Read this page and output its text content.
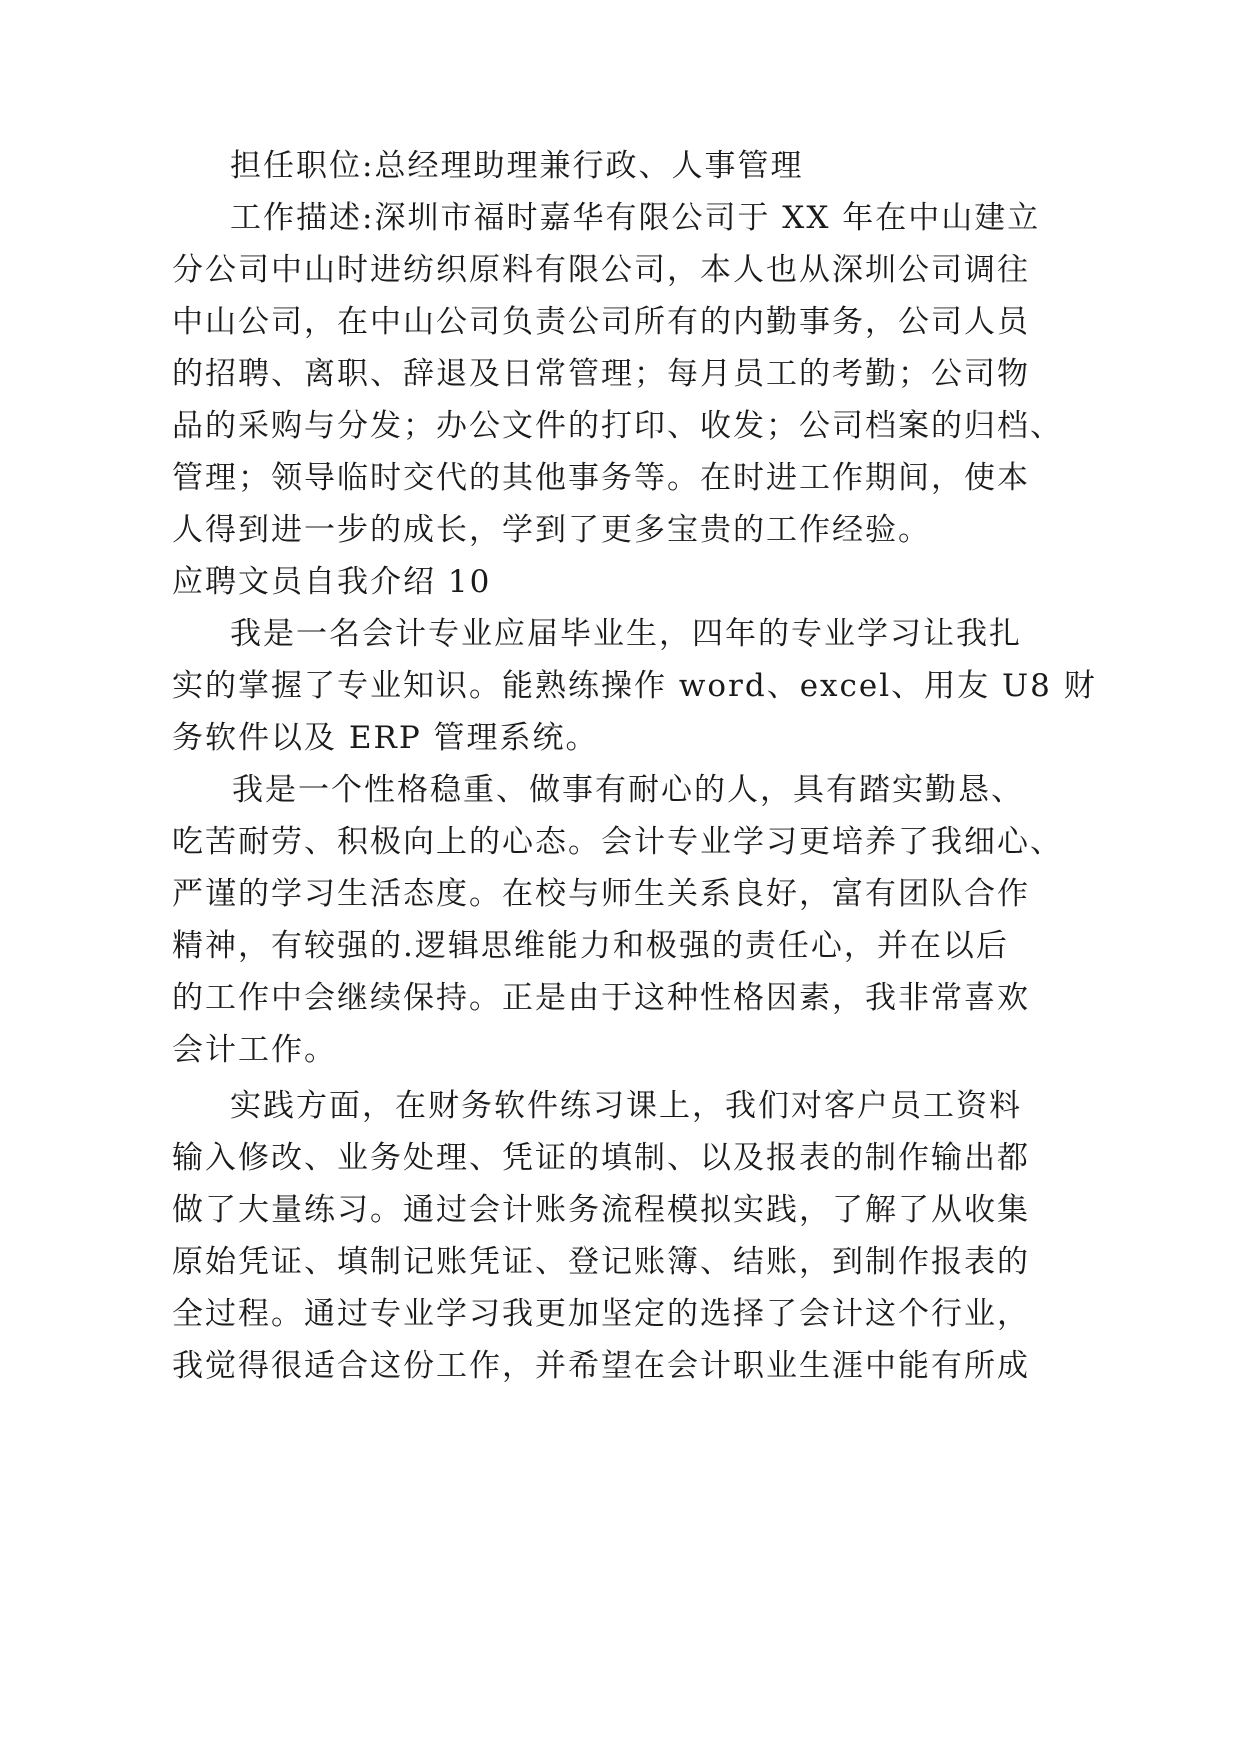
担任职位:总经理助理兼行政、人事管理
工作描述:深圳市福时嘉华有限公司于 XX 年在中山建立
分公司中山时进纺织原料有限公司，本人也从深圳公司调往
中山公司，在中山公司负责公司所有的内勤事务，公司人员
的招聘、离职、辞退及日常管理；每月员工的考勤；公司物
品的采购与分发；办公文件的打印、收发；公司档案的归档、
管理；领导临时交代的其他事务等。在时进工作期间，使本
人得到进一步的成长，学到了更多宝贵的工作经验。
应聘文员自我介绍 10
我是一名会计专业应届毕业生，四年的专业学习让我扎
实的掌握了专业知识。能熟练操作 word、excel、用友 U8 财
务软件以及 ERP 管理系统。
我是一个性格稳重、做事有耐心的人，具有踏实勤恳、
吃苦耐劳、积极向上的心态。会计专业学习更培养了我细心、
严谨的学习生活态度。在校与师生关系良好，富有团队合作
精神，有较强的.逻辑思维能力和极强的责任心，并在以后
的工作中会继续保持。正是由于这种性格因素，我非常喜欢
会计工作。
实践方面，在财务软件练习课上，我们对客户员工资料
输入修改、业务处理、凭证的填制、以及报表的制作输出都
做了大量练习。通过会计账务流程模拟实践，了解了从收集
原始凭证、填制记账凭证、登记账簿、结账，到制作报表的
全过程。通过专业学习我更加坚定的选择了会计这个行业，
我觉得很适合这份工作，并希望在会计职业生涯中能有所成
